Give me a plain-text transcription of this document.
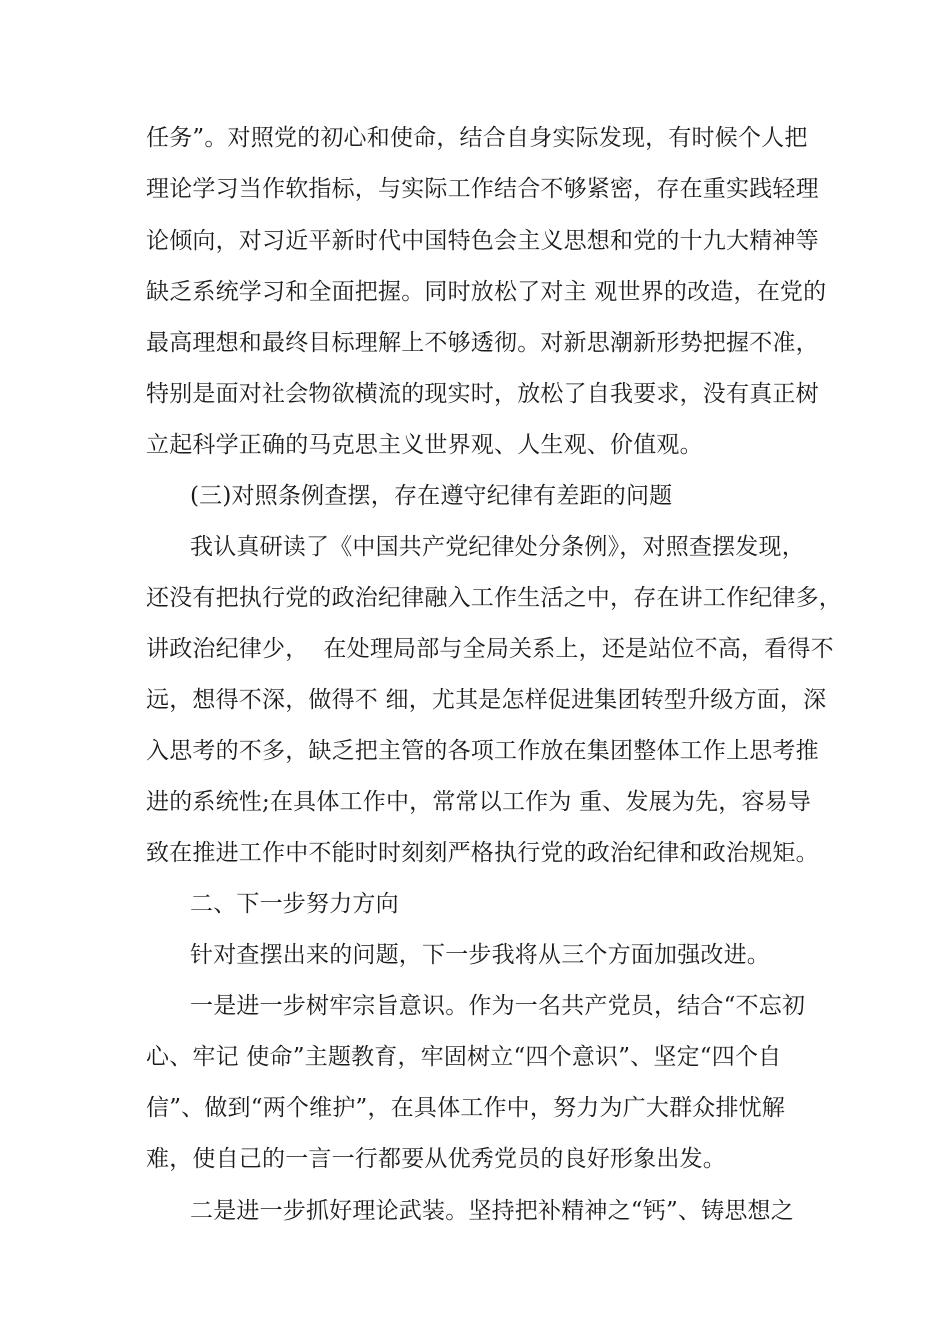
任务”。对照党的初心和使命，结合自身实际发现，有时候个人把
理论学习当作软指标，与实际工作结合不够紧密，存在重实践轻理
论倾向，对习近平新时代中国特色会主义思想和党的十九大精神等
缺乏系统学习和全面把握。同时放松了对主 观世界的改造，在党的
最高理想和最终目标理解上不够透彻。对新思潮新形势把握不准，
特别是面对社会物欲横流的现实时，放松了自我要求，没有真正树
立起科学正确的马克思主义世界观、人生观、价值观。
(三)对照条例查摆，存在遵守纪律有差距的问题
我认真研读了《中国共产党纪律处分条例》，对照查摆发现，
还没有把执行党的政治纪律融入工作生活之中，存在讲工作纪律多，
讲政治纪律少，  在处理局部与全局关系上，还是站位不高，看得不
远，想得不深，做得不 细，尤其是怎样促进集团转型升级方面，深
入思考的不多，缺乏把主管的各项工作放在集团整体工作上思考推
进的系统性;在具体工作中，常常以工作为 重、发展为先，容易导
致在推进工作中不能时时刻刻严格执行党的政治纪律和政治规矩。
二、下一步努力方向
针对查摆出来的问题，下一步我将从三个方面加强改进。
一是进一步树牢宗旨意识。作为一名共产党员，结合“不忘初
心、牢记 使命”主题教育，牢固树立“四个意识”、坚定“四个自
信”、做到“两个维护”，在具体工作中，努力为广大群众排忧解
难，使自己的一言一行都要从优秀党员的良好形象出发。
二是进一步抓好理论武装。坚持把补精神之“钙”、铸思想之
